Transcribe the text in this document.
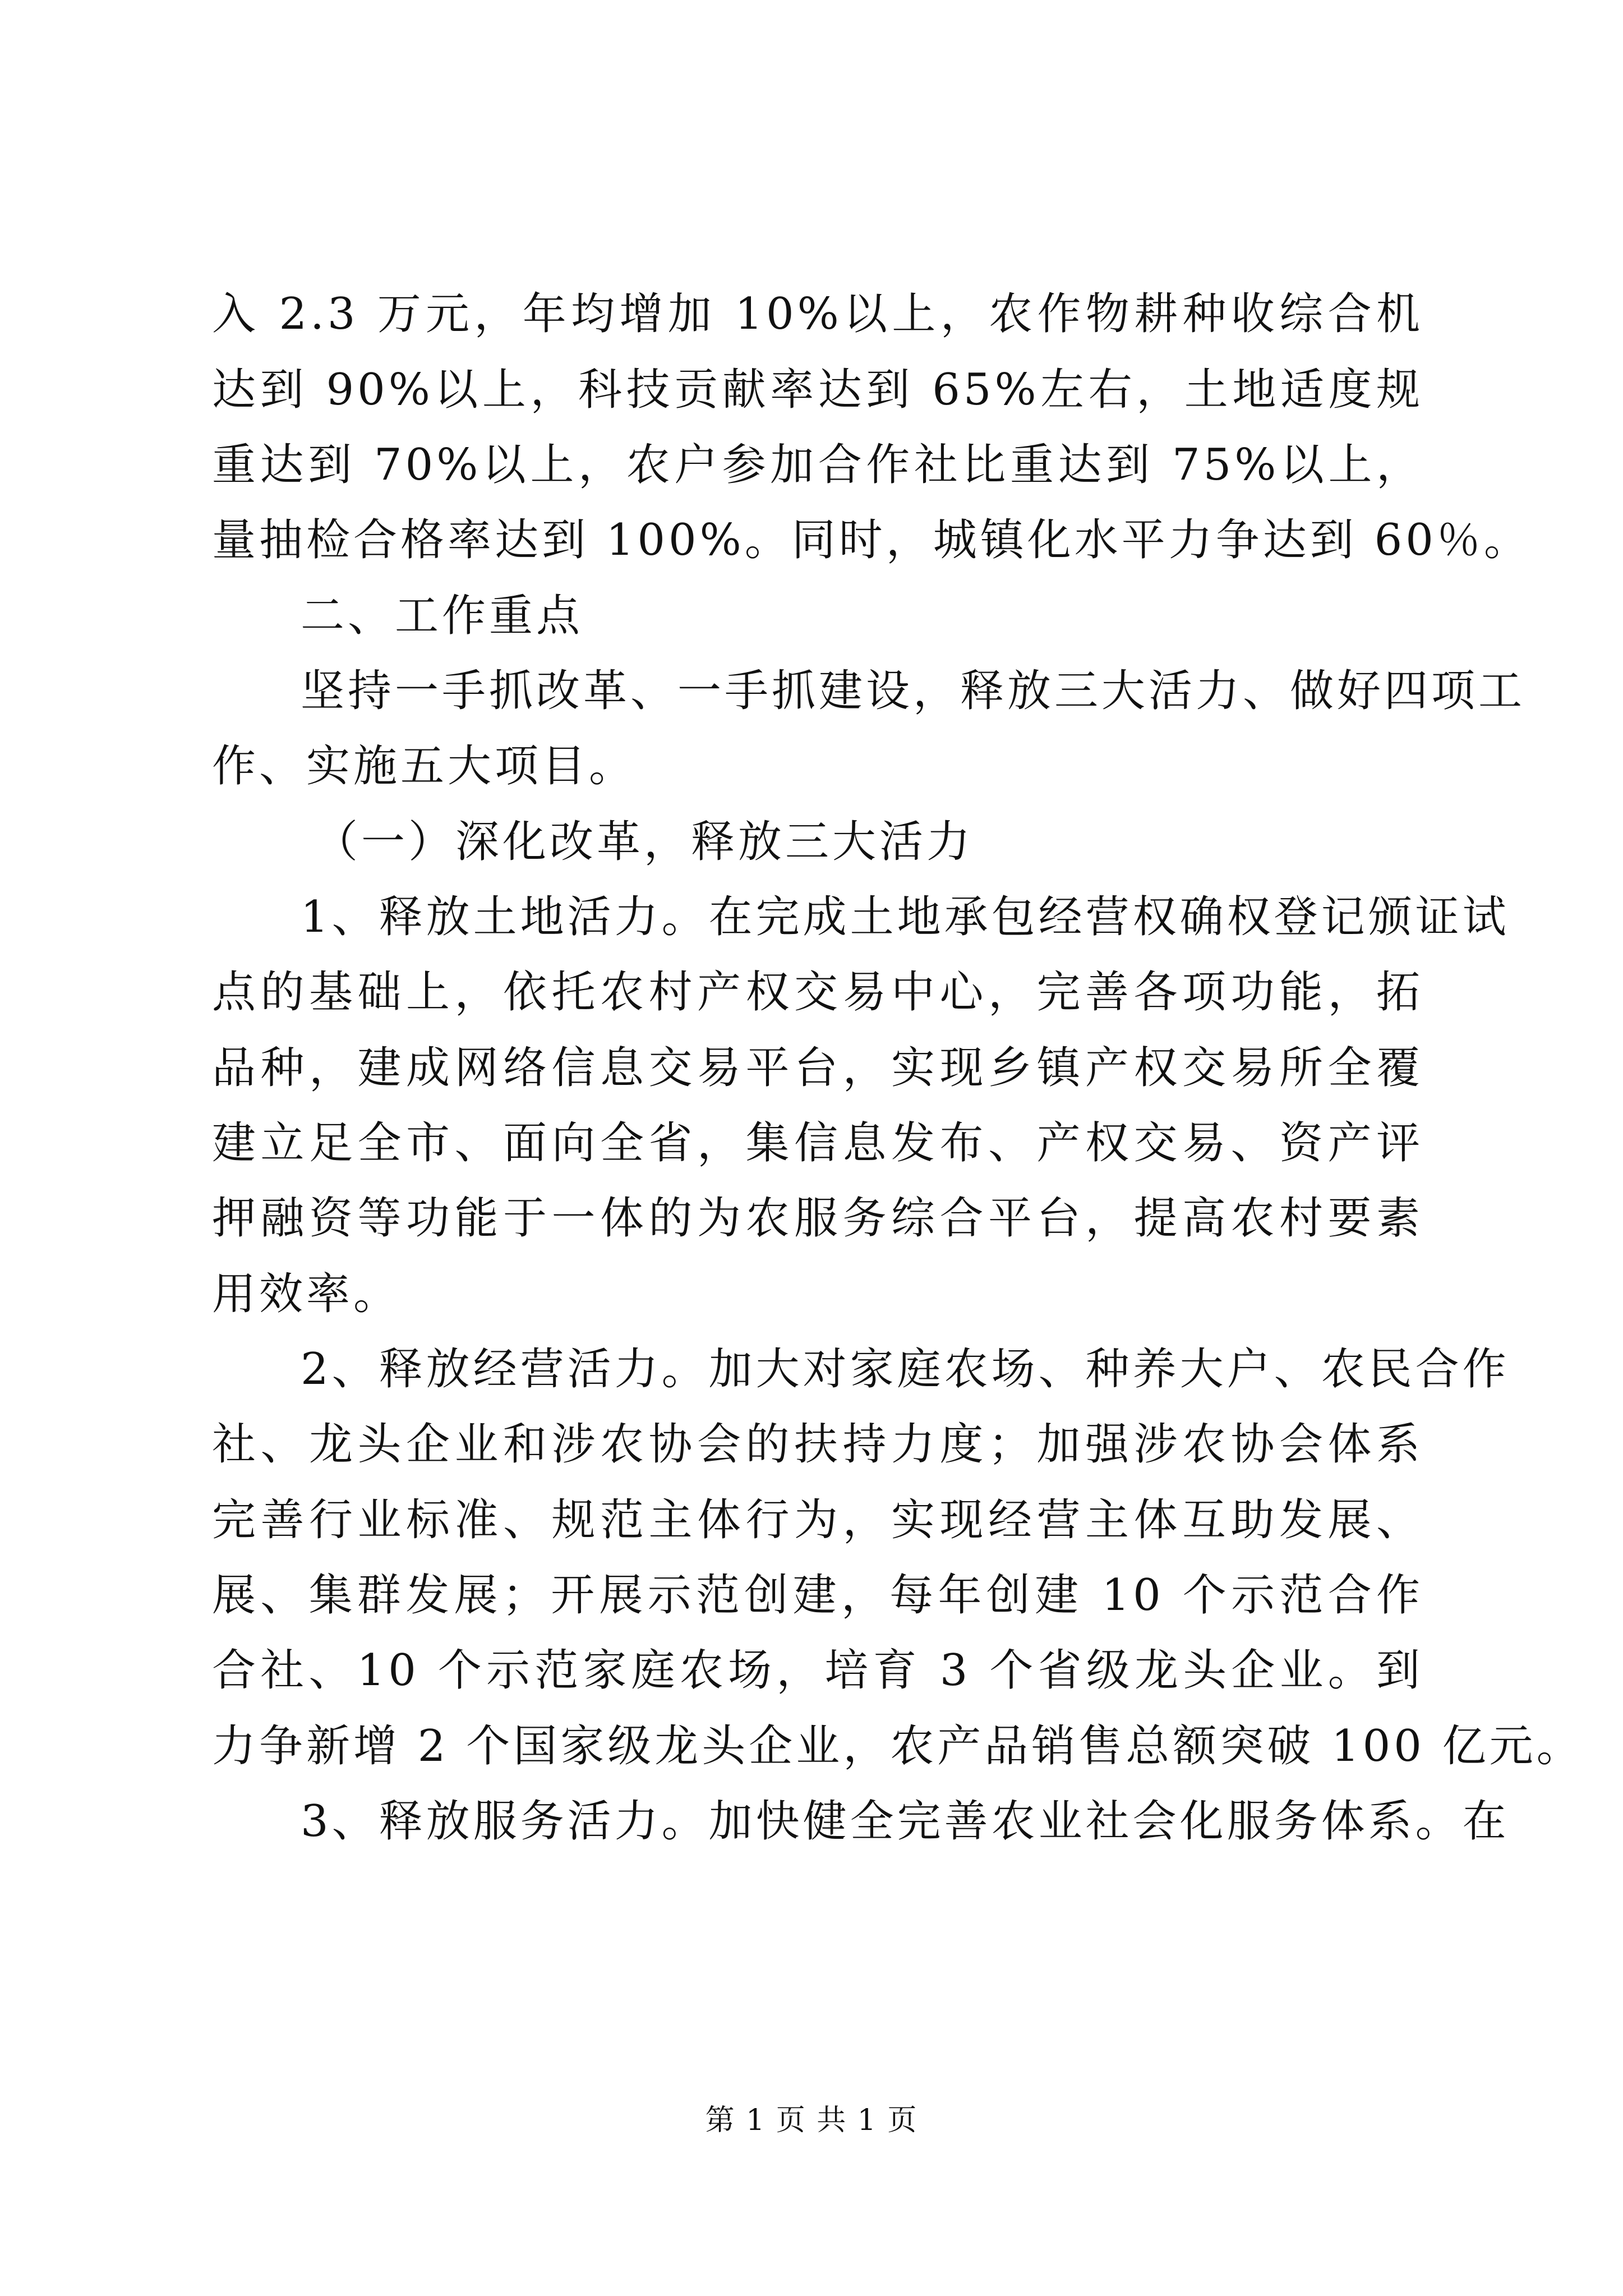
入 2.3 万元，年均增加 10%以上，农作物耕种收综合机
达到 90%以上，科技贡献率达到 65%左右，土地适度规
重达到 70%以上，农户参加合作社比重达到 75%以上，
量抽检合格率达到 100%。同时，城镇化水平力争达到 60％。
二、工作重点
坚持一手抓改革、一手抓建设，释放三大活力、做好四项工
作、实施五大项目。
（一）深化改革，释放三大活力
1、释放土地活力。在完成土地承包经营权确权登记颁证试
点的基础上，依托农村产权交易中心，完善各项功能，拓
品种，建成网络信息交易平台，实现乡镇产权交易所全覆
建立足全市、面向全省，集信息发布、产权交易、资产评
押融资等功能于一体的为农服务综合平台，提高农村要素
用效率。
2、释放经营活力。加大对家庭农场、种养大户、农民合作
社、龙头企业和涉农协会的扶持力度；加强涉农协会体系
完善行业标准、规范主体行为，实现经营主体互助发展、
展、集群发展；开展示范创建，每年创建 10 个示范合作
合社、10 个示范家庭农场，培育 3 个省级龙头企业。到
力争新增 2 个国家级龙头企业，农产品销售总额突破 100 亿元。
3、释放服务活力。加快健全完善农业社会化服务体系。在
第 1 页 共 1 页
